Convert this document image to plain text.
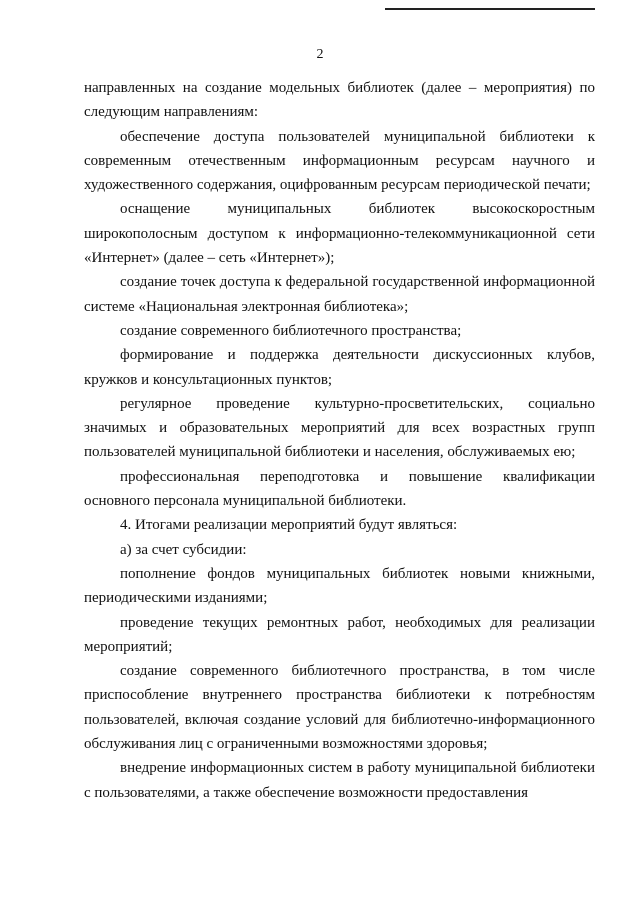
2

направленных на создание модельных библиотек (далее – мероприятия) по следующим направлениям:

обеспечение доступа пользователей муниципальной библиотеки к современным отечественным информационным ресурсам научного и художественного содержания, оцифрованным ресурсам периодической печати;

оснащение муниципальных библиотек высокоскоростным широкополосным доступом к информационно-телекоммуникационной сети «Интернет» (далее – сеть «Интернет»);

создание точек доступа к федеральной государственной информационной системе «Национальная электронная библиотека»;

создание современного библиотечного пространства;

формирование и поддержка деятельности дискуссионных клубов, кружков и консультационных пунктов;

регулярное проведение культурно-просветительских, социально значимых и образовательных мероприятий для всех возрастных групп пользователей муниципальной библиотеки и населения, обслуживаемых ею;

профессиональная переподготовка и повышение квалификации основного персонала муниципальной библиотеки.

4. Итогами реализации мероприятий будут являться:

а) за счет субсидии:

пополнение фондов муниципальных библиотек новыми книжными, периодическими изданиями;

проведение текущих ремонтных работ, необходимых для реализации мероприятий;

создание современного библиотечного пространства, в том числе приспособление внутреннего пространства библиотеки к потребностям пользователей, включая создание условий для библиотечно-информационного обслуживания лиц с ограниченными возможностями здоровья;

внедрение информационных систем в работу муниципальной библиотеки с пользователями, а также обеспечение возможности предоставления
